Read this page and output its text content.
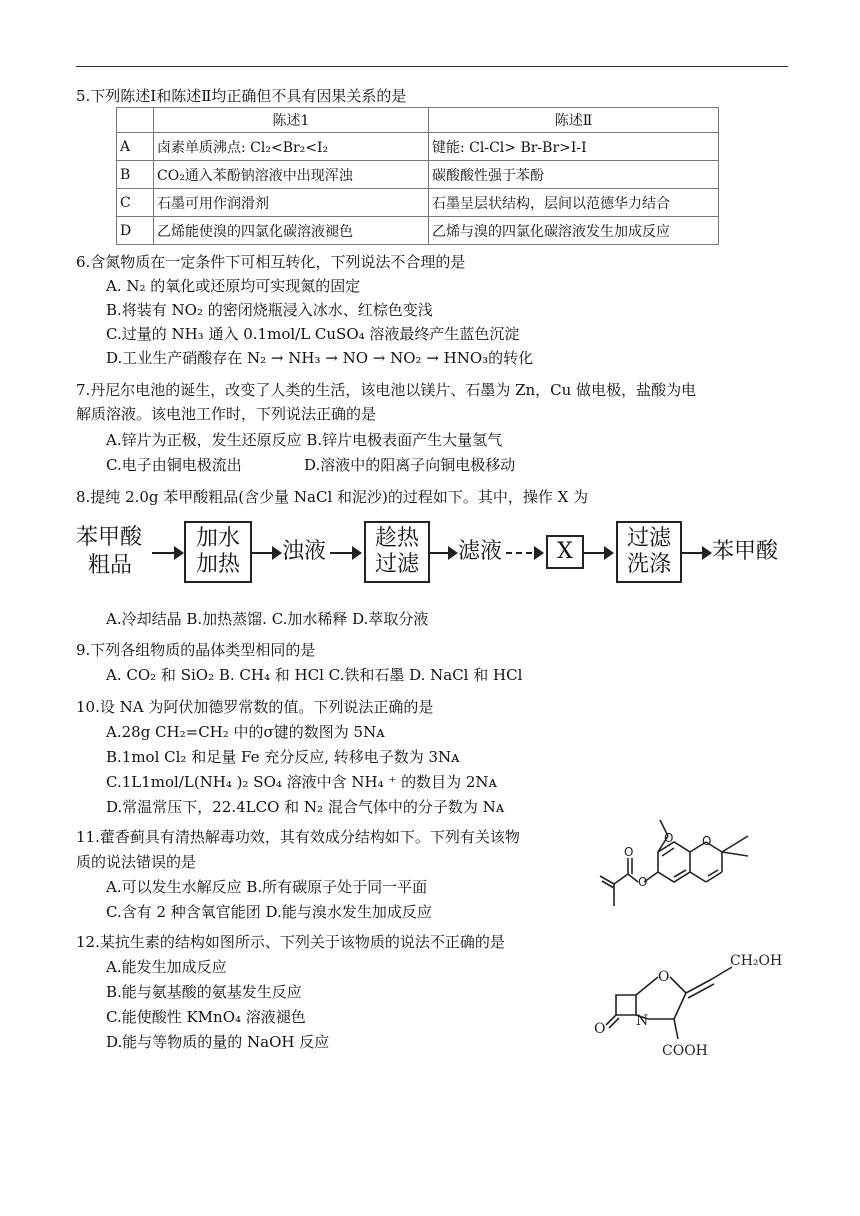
5.下列陈述Ⅰ和陈述Ⅱ均正确但不具有因果关系的是
	陈述1	陈述Ⅱ
A	卤素单质沸点: Cl₂<Br₂<I₂	键能: Cl-Cl> Br-Br>I-I
B	CO₂通入苯酚钠溶液中出现浑浊	碳酸酸性强于苯酚
C	石墨可用作润滑剂	石墨呈层状结构，层间以范德华力结合
D	乙烯能使溴的四氯化碳溶液褪色	乙烯与溴的四氯化碳溶液发生加成反应
6.含氮物质在一定条件下可相互转化，下列说法不合理的是
A. N₂ 的氧化或还原均可实现氮的固定
B.将装有 NO₂ 的密闭烧瓶浸入冰水、红棕色变浅
C.过量的 NH₃ 通入 0.1mol/L CuSO₄ 溶液最终产生蓝色沉淀
D.工业生产硝酸存在 N₂ → NH₃ → NO → NO₂ → HNO₃的转化
7.丹尼尔电池的诞生，改变了人类的生活，该电池以镁片、石墨为 Zn，Cu 做电极，盐酸为电
解质溶液。该电池工作时，下列说法正确的是
A.锌片为正极，发生还原反应 B.锌片电极表面产生大量氢气
C.电子由铜电极流出	D.溶液中的阳离子向铜电极移动
8.提纯 2.0g 苯甲酸粗品(含少量 NaCl 和泥沙)的过程如下。其中，操作 X 为
苯甲酸
粗品
加水
加热
浊液
趁热
过滤
滤液	X
过滤
洗涤
苯甲酸
A.冷却结晶 B.加热蒸馏. C.加水稀释 D.萃取分液
9.下列各组物质的晶体类型相同的是
A. CO₂ 和 SiO₂ B. CH₄ 和 HCl C.铁和石墨 D. NaCl 和 HCl
10.设 NA 为阿伏加德罗常数的值。下列说法正确的是
A.28g CH₂=CH₂ 中的σ键的数图为 5Nᴀ
B.1mol Cl₂ 和足量 Fe 充分反应, 转移电子数为 3Nᴀ
C.1L1mol/L(NH₄ )₂ SO₄ 溶液中含 NH₄ ⁺ 的数目为 2Nᴀ
D.常温常压下，22.4LCO 和 N₂ 混合气体中的分子数为 Nᴀ
11.藿香蓟具有清热解毒功效，其有效成分结构如下。下列有关该物
质的说法错误的是
A.可以发生水解反应 B.所有碳原子处于同一平面
C.含有 2 种含氧官能团 D.能与溴水发生加成反应
O O
O
O
12.某抗生素的结构如图所示、下列关于该物质的说法不正确的是
A.能发生加成反应
B.能与氨基酸的氨基发生反应
C.能使酸性 KMnO₄ 溶液褪色
D.能与等物质的量的 NaOH 反应
O
N
O
CH₂OH
COOH
